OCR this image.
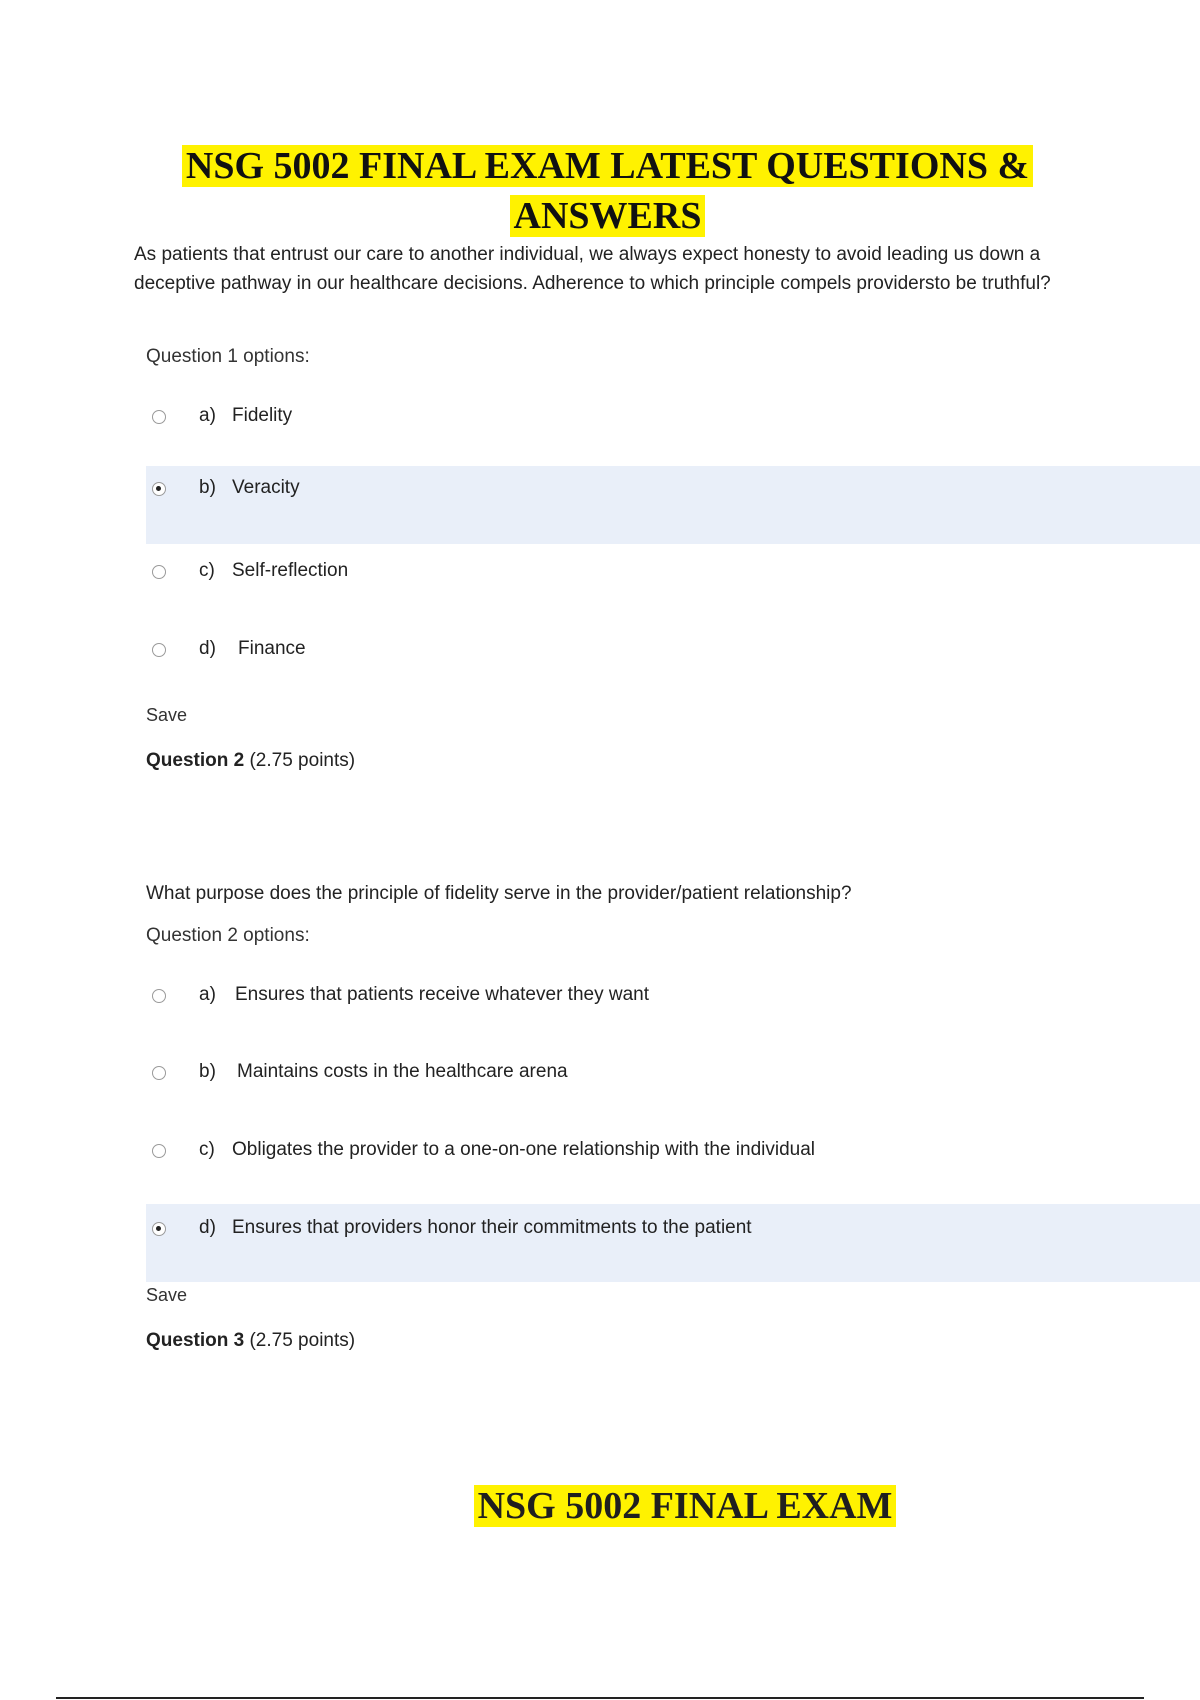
NSG 5002 FINAL EXAM LATEST QUESTIONS &
ANSWERS

As patients that entrust our care to another individual, we always expect honesty to avoid leading us down a deceptive pathway in our healthcare decisions. Adherence to which principle compels providersto be truthful?

Question 1 options:
a) Fidelity
b) Veracity
c) Self-reflection
d) Finance
Save
Question 2 (2.75 points)

What purpose does the principle of fidelity serve in the provider/patient relationship?

Question 2 options:
a) Ensures that patients receive whatever they want
b) Maintains costs in the healthcare arena
c) Obligates the provider to a one-on-one relationship with the individual
d) Ensures that providers honor their commitments to the patient
Save
Question 3 (2.75 points)
NSG 5002 FINAL EXAM
